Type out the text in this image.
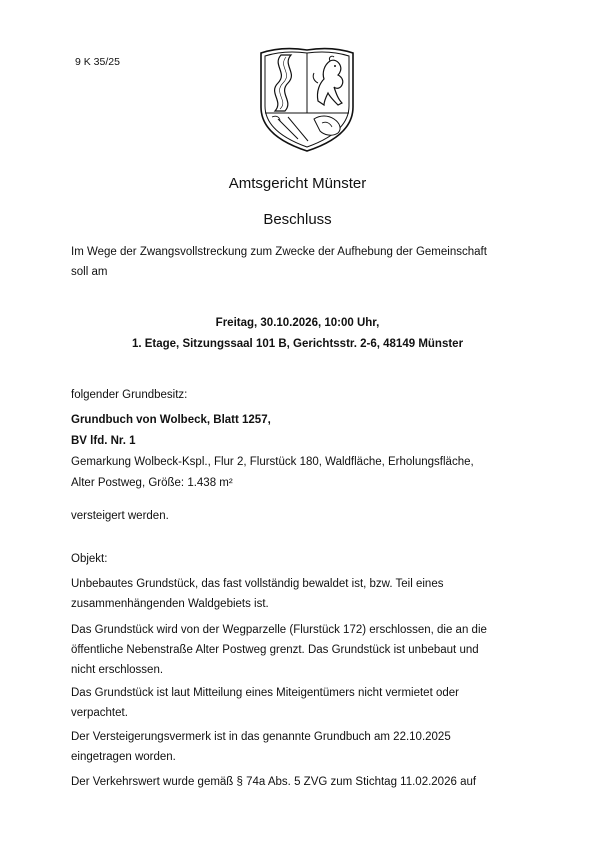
9 K 35/25
Amtsgericht Münster
Beschluss
Im Wege der Zwangsvollstreckung zum Zwecke der Aufhebung der Gemeinschaft
soll am
Freitag, 30.10.2026, 10:00 Uhr,
1. Etage, Sitzungssaal 101 B, Gerichtsstr. 2-6, 48149 Münster
folgender Grundbesitz:
Grundbuch von Wolbeck, Blatt 1257,
BV lfd. Nr. 1
Gemarkung Wolbeck-Kspl., Flur 2, Flurstück 180, Waldfläche, Erholungsfläche,
Alter Postweg, Größe: 1.438 m²
versteigert werden.
Objekt:
Unbebautes Grundstück, das fast vollständig bewaldet ist, bzw. Teil eines
zusammenhängenden Waldgebiets ist.
Das Grundstück wird von der Wegparzelle (Flurstück 172) erschlossen, die an die
öffentliche Nebenstraße Alter Postweg grenzt. Das Grundstück ist unbebaut und
nicht erschlossen.
Das Grundstück ist laut Mitteilung eines Miteigentümers nicht vermietet oder
verpachtet.
Der Versteigerungsvermerk ist in das genannte Grundbuch am 22.10.2025
eingetragen worden.
Der Verkehrswert wurde gemäß § 74a Abs. 5 ZVG zum Stichtag 11.02.2026 auf
